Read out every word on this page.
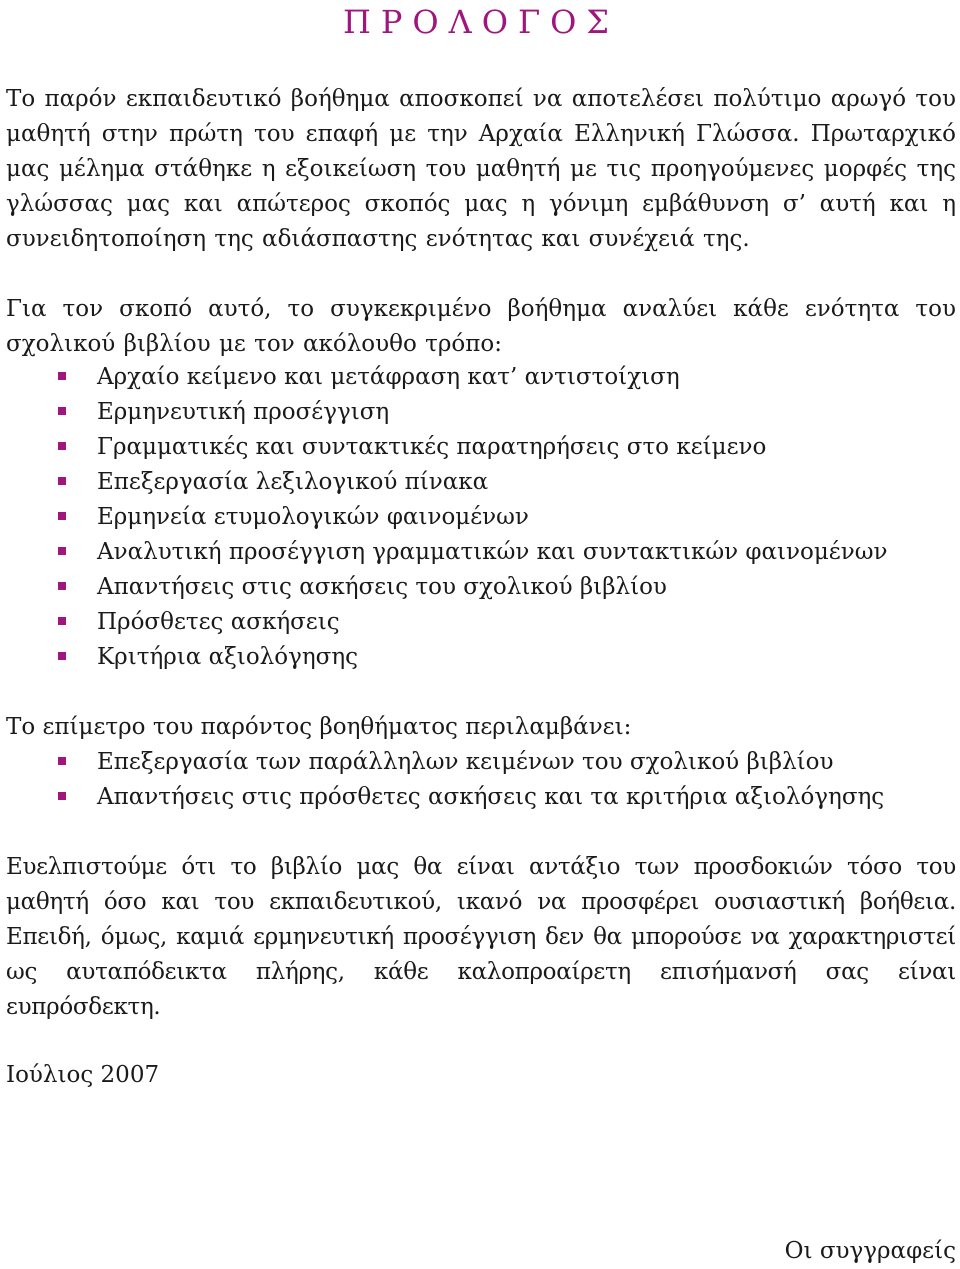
ΠΡΟΛΟΓΟΣ

Το παρόν εκπαιδευτικό βοήθημα αποσκοπεί να αποτελέσει πολύτιμο αρωγό του μαθητή στην πρώτη του επαφή με την Αρχαία Ελληνική Γλώσσα. Πρωταρχικό μας μέλημα στάθηκε η εξοικείωση του μαθητή με τις προηγούμενες μορφές της γλώσσας μας και απώτερος σκοπός μας η γόνιμη εμβάθυνση σ’ αυτή και η συνειδητοποίηση της αδιάσπαστης ενότητας και συνέχειά της.

Για τον σκοπό αυτό, το συγκεκριμένο βοήθημα αναλύει κάθε ενότητα του σχολικού βιβλίου με τον ακόλουθο τρόπο:

Αρχαίο κείμενο και μετάφραση κατ’ αντιστοίχιση
Ερμηνευτική προσέγγιση
Γραμματικές και συντακτικές παρατηρήσεις στο κείμενο
Επεξεργασία λεξιλογικού πίνακα
Ερμηνεία ετυμολογικών φαινομένων
Αναλυτική προσέγγιση γραμματικών και συντακτικών φαινομένων
Απαντήσεις στις ασκήσεις του σχολικού βιβλίου
Πρόσθετες ασκήσεις
Κριτήρια αξιολόγησης

Το επίμετρο του παρόντος βοηθήματος περιλαμβάνει:

Επεξεργασία των παράλληλων κειμένων του σχολικού βιβλίου
Απαντήσεις στις πρόσθετες ασκήσεις και τα κριτήρια αξιολόγησης

Ευελπιστούμε ότι το βιβλίο μας θα είναι αντάξιο των προσδοκιών τόσο του μαθητή όσο και του εκπαιδευτικού, ικανό να προσφέρει ουσιαστική βοήθεια. Επειδή, όμως, καμιά ερμηνευτική προσέγγιση δεν θα μπορούσε να χαρακτηριστεί ως αυταπόδεικτα πλήρης, κάθε καλοπροαίρετη επισήμανσή σας είναι ευπρόσδεκτη.

Ιούλιος 2007

Οι συγγραφείς
